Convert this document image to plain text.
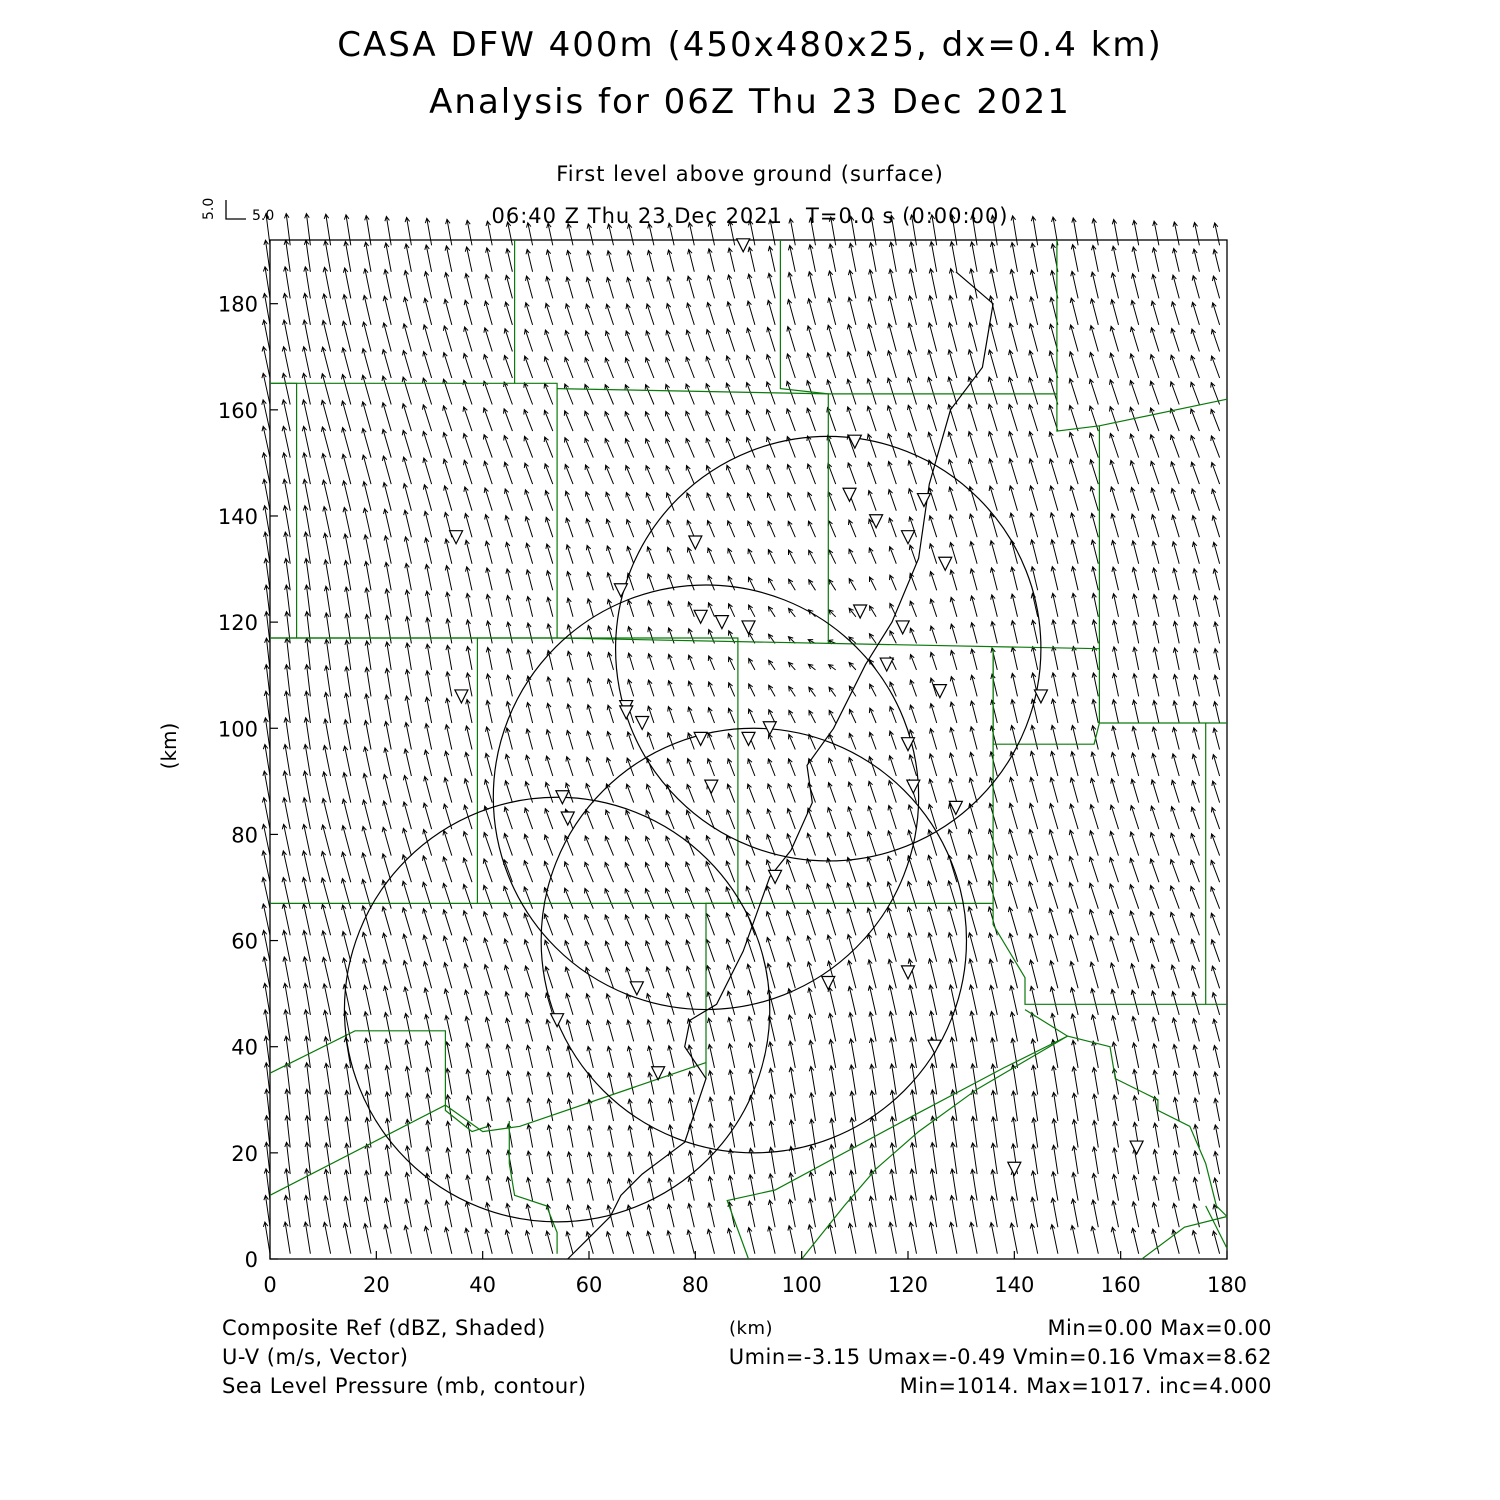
CASA DFW 400m (450x480x25, dx=0.4 km)
Analysis for 06Z Thu 23 Dec 2021
First level above ground (surface)
06:40 Z Thu 23 Dec 2021   T=0.0 s (0:00:00)
5.0	5.0
0	20	40	60	80	100	120	140	160	180
0
20
40
60
80
100
120
140
160
180
(km)
Composite Ref (dBZ, Shaded)
U-V (m/s, Vector)
Sea Level Pressure (mb, contour)
(km)	Min=0.00 Max=0.00
Umin=-3.15 Umax=-0.49 Vmin=0.16 Vmax=8.62
Min=1014. Max=1017. inc=4.000
